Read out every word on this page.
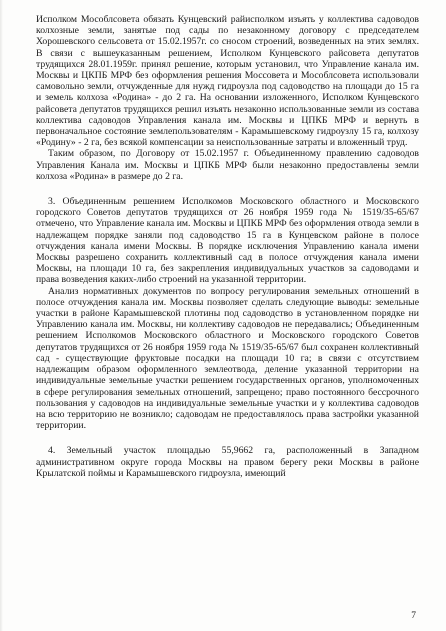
Исполком Мособлсовета обязать Кунцевский райисполком изъять у коллектива садоводов колхозные земли, занятые под сады по незаконному договору с председателем Хорошевского сельсовета от 15.02.1957г. со сносом строений, возведенных на этих землях. В связи с вышеуказанным решением, Исполком Кунцевского райсовета депутатов трудящихся 28.01.1959г. принял решение, которым установил, что Управление канала им. Москвы и ЦКПБ МРФ без оформления решения Моссовета и Мособлсовета использовали самовольно земли, отчужденные для нужд гидроузла под садоводство на площади до 15 га и земель колхоза «Родина» - до 2 га. На основании изложенного, Исполком Кунцевского райсовета депутатов трудящихся решил изъять незаконно использованные земли из состава коллектива садоводов Управления канала им. Москвы и ЦПКБ МРФ и вернуть в первоначальное состояние землепользователям - Карамышевскому гидроузлу 15 га, колхозу «Родину» - 2 га, без всякой компенсации за неиспользованные затраты и вложенный труд.

Таким образом, по Договору от 15.02.1957 г. Объединенному правлению садоводов Управления Канала им. Москвы и ЦПКБ МРФ были незаконно предоставлены земли колхоза «Родина» в размере до 2 га.

3. Объединенным решением Исполкомов Московского областного и Московского городского Советов депутатов трудящихся от 26 ноября 1959 года № 1519/35-65/67 отмечено, что Управление канала им. Москвы и ЦПКБ МРФ без оформления отвода земли в надлежащем порядке заняли под садоводство 15 га в Кунцевском районе в полосе отчуждения канала имени Москвы. В порядке исключения Управлению канала имени Москвы разрешено сохранить коллективный сад в полосе отчуждения канала имени Москвы, на площади 10 га, без закрепления индивидуальных участков за садоводами и права возведения каких-либо строений на указанной территории.

Анализ нормативных документов по вопросу регулирования земельных отношений в полосе отчуждения канала им. Москвы позволяет сделать следующие выводы: земельные участки в районе Карамышевской плотины под садоводство в установленном порядке ни Управлению канала им. Москвы, ни коллективу садоводов не передавались; Объединенным решением Исполкомов Московского областного и Московского городского Советов депутатов трудящихся от 26 ноября 1959 года № 1519/35-65/67 был сохранен коллективный сад - существующие фруктовые посадки на площади 10 га; в связи с отсутствием надлежащим образом оформленного землеотвода, деление указанной территории на индивидуальные земельные участки решением государственных органов, уполномоченных в сфере регулирования земельных отношений, запрещено; право постоянного бессрочного пользования у садоводов на индивидуальные земельные участки и у коллектива садоводов на всю территорию не возникло; садоводам не предоставлялось права застройки указанной территории.

4. Земельный участок площадью 55,9662 га, расположенный в Западном административном округе города Москвы на правом берегу реки Москвы в районе Крылатской поймы и Карамышевского гидроузла, имеющий

7
